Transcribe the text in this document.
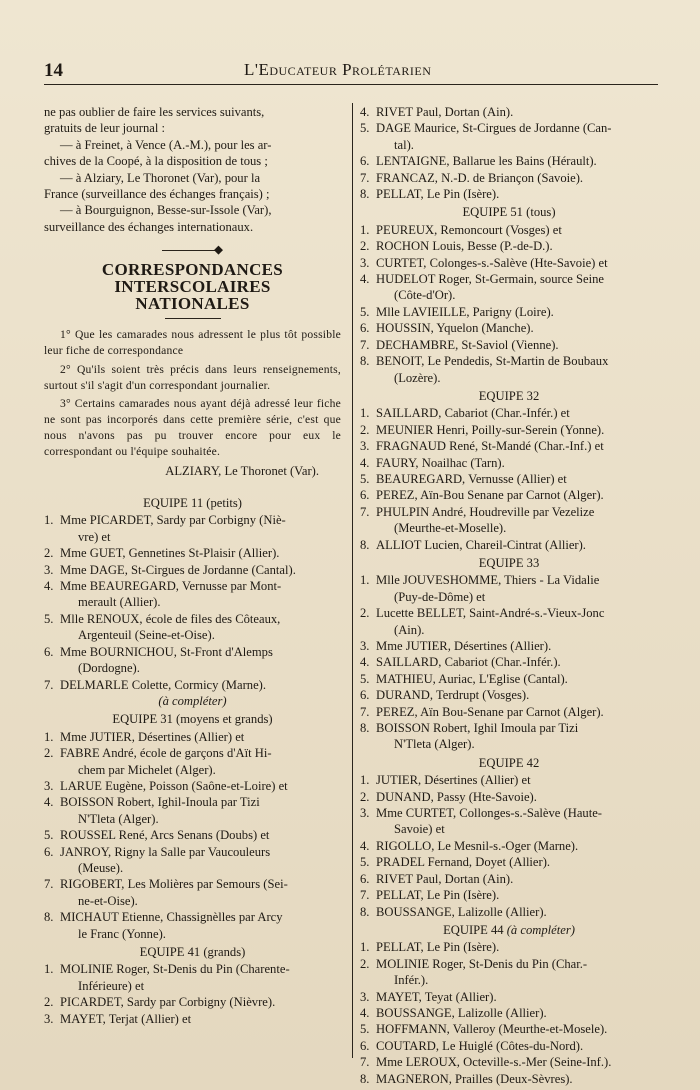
14	L'Educateur Prolétarien
ne pas oublier de faire les services suivants,
gratuits de leur journal :
— à Freinet, à Vence (A.-M.), pour les ar-
chives de la Coopé, à la disposition de tous ;
— à Alziary, Le Thoronet (Var), pour la
France (surveillance des échanges français) ;
— à Bourguignon, Besse-sur-Issole (Var),
surveillance des échanges internationaux.
◆
CORRESPONDANCES
INTERSCOLAIRES
NATIONALES

1° Que les camarades nous adressent le plus tôt possible leur fiche de correspondance

2° Qu'ils soient très précis dans leurs renseignements, surtout s'il s'agit d'un correspondant journalier.

3° Certains camarades nous ayant déjà adressé leur fiche ne sont pas incorporés dans cette première série, c'est que nous n'avons pas pu trouver encore pour eux le correspondant ou l'équipe souhaitée.

ALZIARY, Le Thoronet (Var).
EQUIPE 11 (petits)
1. Mme PICARDET, Sardy par Corbigny (Niè-
vre) et
2. Mme GUET, Gennetines St-Plaisir (Allier).
3. Mme DAGE, St-Cirgues de Jordanne (Cantal).
4. Mme BEAUREGARD, Vernusse par Mont-
merault (Allier).
5. Mlle RENOUX, école de files des Côteaux,
Argenteuil (Seine-et-Oise).
6. Mme BOURNICHOU, St-Front d'Alemps
(Dordogne).
7. DELMARLE Colette, Cormicy (Marne).
(à compléter)
EQUIPE 31 (moyens et grands)
1. Mme JUTIER, Désertines (Allier) et
2. FABRE André, école de garçons d'Aït Hi-
chem par Michelet (Alger).
3. LARUE Eugène, Poisson (Saône-et-Loire) et
4. BOISSON Robert, Ighil-Inoula par Tizi
N'Tleta (Alger).
5. ROUSSEL René, Arcs Senans (Doubs) et
6. JANROY, Rigny la Salle par Vaucouleurs
(Meuse).
7. RIGOBERT, Les Molières par Semours (Sei-
ne-et-Oise).
8. MICHAUT Etienne, Chassignèlles par Arcy
le Franc (Yonne).
EQUIPE 41 (grands)
1. MOLINIE Roger, St-Denis du Pin (Charente-
Inférieure) et
2. PICARDET, Sardy par Corbigny (Nièvre).
3. MAYET, Terjat (Allier) et
4. RIVET Paul, Dortan (Ain).
5. DAGE Maurice, St-Cirgues de Jordanne (Can-
tal).
6. LENTAIGNE, Ballarue les Bains (Hérault).
7. FRANCAZ, N.-D. de Briançon (Savoie).
8. PELLAT, Le Pin (Isère).
EQUIPE 51 (tous)
1. PEUREUX, Remoncourt (Vosges) et
2. ROCHON Louis, Besse (P.-de-D.).
3. CURTET, Colonges-s.-Salève (Hte-Savoie) et
4. HUDELOT Roger, St-Germain, source Seine
(Côte-d'Or).
5. Mlle LAVIEILLE, Parigny (Loire).
6. HOUSSIN, Yquelon (Manche).
7. DECHAMBRE, St-Saviol (Vienne).
8. BENOIT, Le Pendedis, St-Martin de Boubaux
(Lozère).
EQUIPE 32
1. SAILLARD, Cabariot (Char.-Infér.) et
2. MEUNIER Henri, Poilly-sur-Serein (Yonne).
3. FRAGNAUD René, St-Mandé (Char.-Inf.) et
4. FAURY, Noailhac (Tarn).
5. BEAUREGARD, Vernusse (Allier) et
6. PEREZ, Aïn-Bou Senane par Carnot (Alger).
7. PHULPIN André, Houdreville par Vezelize
(Meurthe-et-Moselle).
8. ALLIOT Lucien, Chareil-Cintrat (Allier).
EQUIPE 33
1. Mlle JOUVESHOMME, Thiers - La Vidalie
(Puy-de-Dôme) et
2. Lucette BELLET, Saint-André-s.-Vieux-Jonc
(Ain).
3. Mme JUTIER, Désertines (Allier).
4. SAILLARD, Cabariot (Char.-Infér.).
5. MATHIEU, Auriac, L'Eglise (Cantal).
6. DURAND, Terdrupt (Vosges).
7. PEREZ, Aïn Bou-Senane par Carnot (Alger).
8. BOISSON Robert, Ighil Imoula par Tizi
N'Tleta (Alger).
EQUIPE 42
1. JUTIER, Désertines (Allier) et
2. DUNAND, Passy (Hte-Savoie).
3. Mme CURTET, Collonges-s.-Salève (Haute-
Savoie) et
4. RIGOLLO, Le Mesnil-s.-Oger (Marne).
5. PRADEL Fernand, Doyet (Allier).
6. RIVET Paul, Dortan (Ain).
7. PELLAT, Le Pin (Isère).
8. BOUSSANGE, Lalizolle (Allier).
EQUIPE 44 (à compléter)
1. PELLAT, Le Pin (Isère).
2. MOLINIE Roger, St-Denis du Pin (Char.-
Infér.).
3. MAYET, Teyat (Allier).
4. BOUSSANGE, Lalizolle (Allier).
5. HOFFMANN, Valleroy (Meurthe-et-Mosele).
6. COUTARD, Le Huiglé (Côtes-du-Nord).
7. Mme LEROUX, Octeville-s.-Mer (Seine-Inf.).
8. MAGNERON, Prailles (Deux-Sèvres).
